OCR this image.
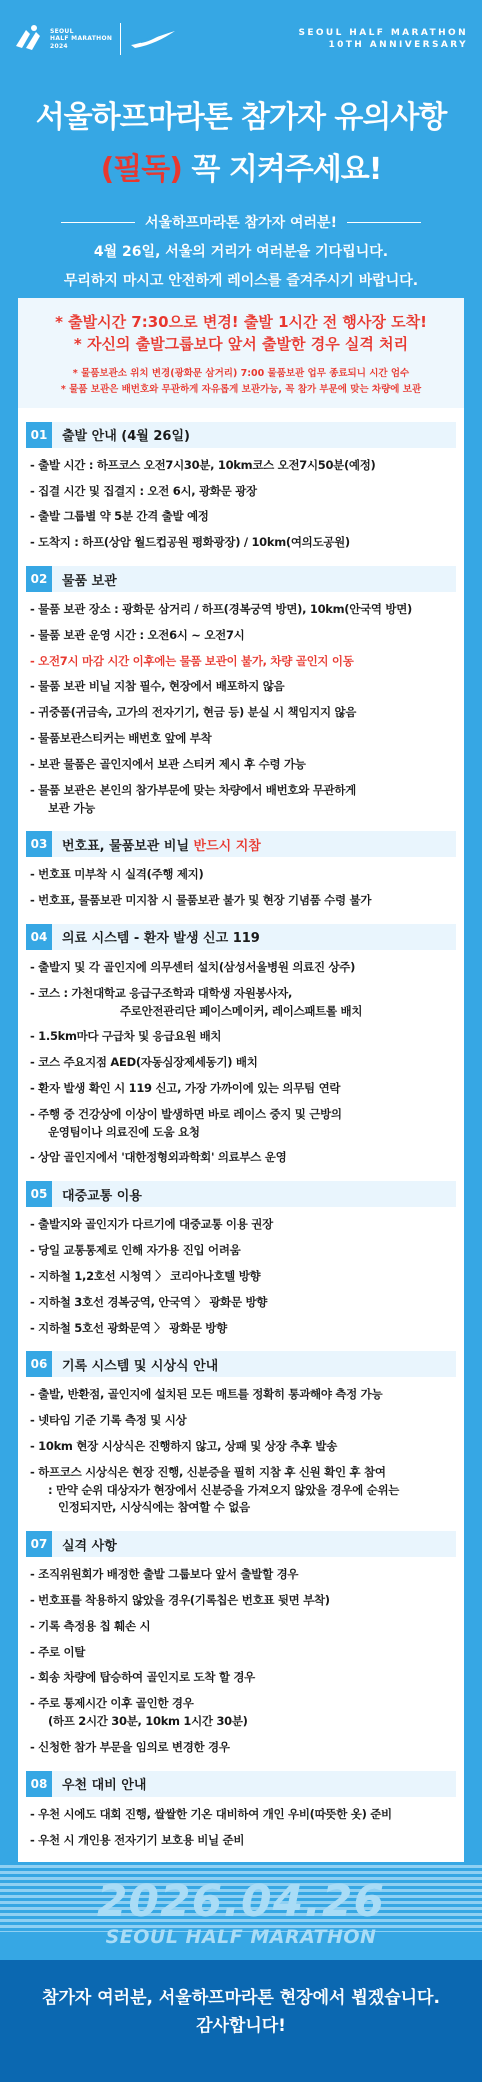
SEOUL
HALF MARATHON
2024
SEOUL HALF MARATHON
10TH ANNIVERSARY
서울하프마라톤 참가자 유의사항
(필독) 꼭 지켜주세요!
서울하프마라톤 참가자 여러분!

4월 26일, 서울의 거리가 여러분을 기다립니다.

무리하지 마시고 안전하게 레이스를 즐겨주시기 바랍니다.

* 출발시간 7:30으로 변경! 출발 1시간 전 행사장 도착!
* 자신의 출발그룹보다 앞서 출발한 경우 실격 처리
* 물품보관소 위치 변경(광화문 삼거리) 7:00 물품보관 업무 종료되니 시간 엄수
* 물품 보관은 배번호와 무관하게 자유롭게 보관가능, 꼭 참가 부문에 맞는 차량에 보관
01	출발 안내 (4월 26일)
- 출발 시간 : 하프코스 오전7시30분, 10km코스 오전7시50분(예정)
- 집결 시간 및 집결지 : 오전 6시, 광화문 광장
- 출발 그룹별 약 5분 간격 출발 예정
- 도착지 : 하프(상암 월드컵공원 평화광장) / 10km(여의도공원)
02	물품 보관
- 물품 보관 장소 : 광화문 삼거리 / 하프(경복궁역 방면), 10km(안국역 방면)
- 물품 보관 운영 시간 : 오전6시 ~ 오전7시
- 오전7시 마감 시간 이후에는 물품 보관이 불가, 차량 골인지 이동
- 물품 보관 비닐 지참 필수, 현장에서 배포하지 않음
- 귀중품(귀금속, 고가의 전자기기, 현금 등) 분실 시 책임지지 않음
- 물품보관스티커는 배번호 앞에 부착
- 보관 물품은 골인지에서 보관 스티커 제시 후 수령 가능
- 물품 보관은 본인의 참가부문에 맞는 차량에서 배번호와 무관하게
보관 가능
03	번호표, 물품보관 비닐 반드시 지참
- 번호표 미부착 시 실격(주행 제지)
- 번호표, 물품보관 미지참 시 물품보관 불가 및 현장 기념품 수령 불가
04	의료 시스템 - 환자 발생 신고 119
- 출발지 및 각 골인지에 의무센터 설치(삼성서울병원 의료진 상주)
- 코스 : 가천대학교 응급구조학과 대학생 자원봉사자,
주로안전관리단 페이스메이커, 레이스패트롤 배치
- 1.5km마다 구급차 및 응급요원 배치
- 코스 주요지점 AED(자동심장제세동기) 배치
- 환자 발생 확인 시 119 신고, 가장 가까이에 있는 의무팀 연락
- 주행 중 건강상에 이상이 발생하면 바로 레이스 중지 및 근방의
운영팀이나 의료진에 도움 요청
- 상암 골인지에서 '대한정형외과학회' 의료부스 운영
05	대중교통 이용
- 출발지와 골인지가 다르기에 대중교통 이용 권장
- 당일 교통통제로 인해 자가용 진입 어려움
- 지하철 1,2호선 시청역 〉 코리아나호텔 방향
- 지하철 3호선 경복궁역, 안국역 〉 광화문 방향
- 지하철 5호선 광화문역 〉 광화문 방향
06	기록 시스템 및 시상식 안내
- 출발, 반환점, 골인지에 설치된 모든 매트를 정확히 통과해야 측정 가능
- 넷타임 기준 기록 측정 및 시상
- 10km 현장 시상식은 진행하지 않고, 상패 및 상장 추후 발송
- 하프코스 시상식은 현장 진행, 신분증을 필히 지참 후 신원 확인 후 참여
: 만약 순위 대상자가 현장에서 신분증을 가져오지 않았을 경우에 순위는
인정되지만, 시상식에는 참여할 수 없음
07	실격 사항
- 조직위원회가 배정한 출발 그룹보다 앞서 출발할 경우
- 번호표를 착용하지 않았을 경우(기록칩은 번호표 뒷면 부착)
- 기록 측정용 칩 훼손 시
- 주로 이탈
- 회송 차량에 탑승하여 골인지로 도착 할 경우
- 주로 통제시간 이후 골인한 경우
(하프 2시간 30분, 10km 1시간 30분)
- 신청한 참가 부문을 임의로 변경한 경우
08	우천 대비 안내
- 우천 시에도 대회 진행, 쌀쌀한 기온 대비하여 개인 우비(따뜻한 옷) 준비
- 우천 시 개인용 전자기기 보호용 비닐 준비
2026.04.26
SEOUL HALF MARATHON
참가자 여러분, 서울하프마라톤 현장에서 뵙겠습니다.
감사합니다!
